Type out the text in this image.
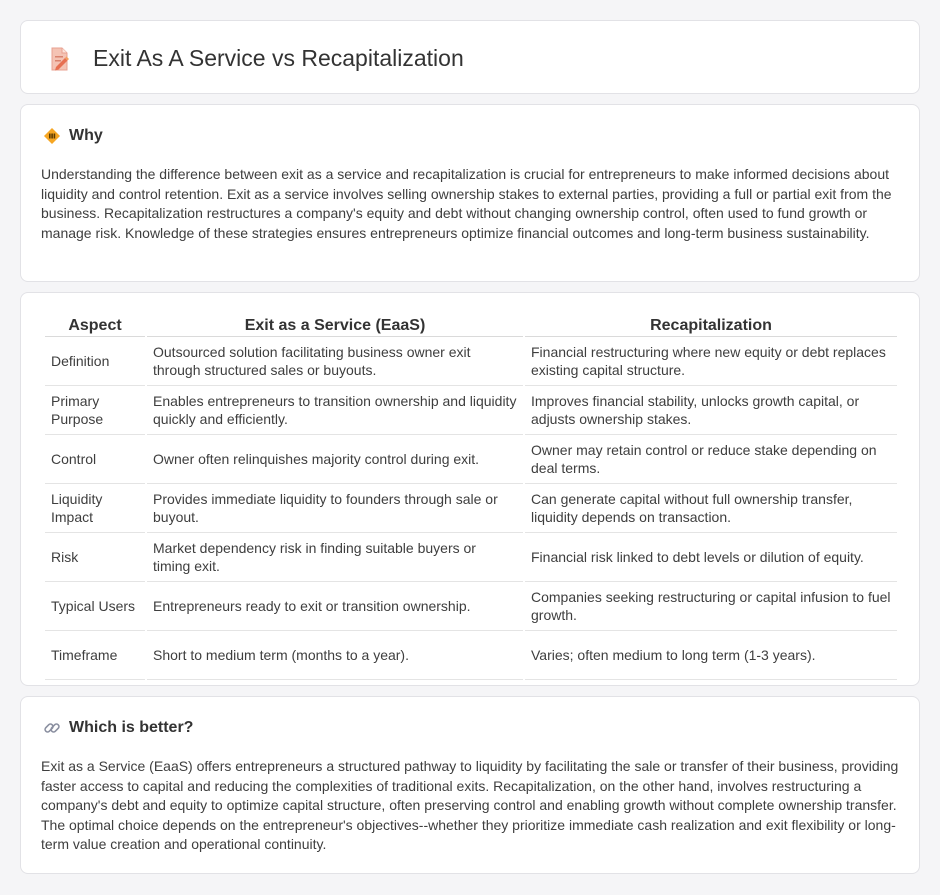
Exit As A Service vs Recapitalization
Why

Understanding the difference between exit as a service and recapitalization is crucial for entrepreneurs to make informed decisions about liquidity and control retention. Exit as a service involves selling ownership stakes to external parties, providing a full or partial exit from the business. Recapitalization restructures a company's equity and debt without changing ownership control, often used to fund growth or manage risk. Knowledge of these strategies ensures entrepreneurs optimize financial outcomes and long-term business sustainability.

Aspect	Exit as a Service (EaaS)	Recapitalization
Definition	Outsourced solution facilitating business owner exit through structured sales or buyouts.	Financial restructuring where new equity or debt replaces existing capital structure.
Primary Purpose	Enables entrepreneurs to transition ownership and liquidity quickly and efficiently.	Improves financial stability, unlocks growth capital, or adjusts ownership stakes.
Control	Owner often relinquishes majority control during exit.	Owner may retain control or reduce stake depending on deal terms.
Liquidity Impact	Provides immediate liquidity to founders through sale or buyout.	Can generate capital without full ownership transfer, liquidity depends on transaction.
Risk	Market dependency risk in finding suitable buyers or timing exit.	Financial risk linked to debt levels or dilution of equity.
Typical Users	Entrepreneurs ready to exit or transition ownership.	Companies seeking restructuring or capital infusion to fuel growth.
Timeframe	Short to medium term (months to a year).	Varies; often medium to long term (1-3 years).
Which is better?

Exit as a Service (EaaS) offers entrepreneurs a structured pathway to liquidity by facilitating the sale or transfer of their business, providing faster access to capital and reducing the complexities of traditional exits. Recapitalization, on the other hand, involves restructuring a company's debt and equity to optimize capital structure, often preserving control and enabling growth without complete ownership transfer. The optimal choice depends on the entrepreneur's objectives--whether they prioritize immediate cash realization and exit flexibility or long-term value creation and operational continuity.
